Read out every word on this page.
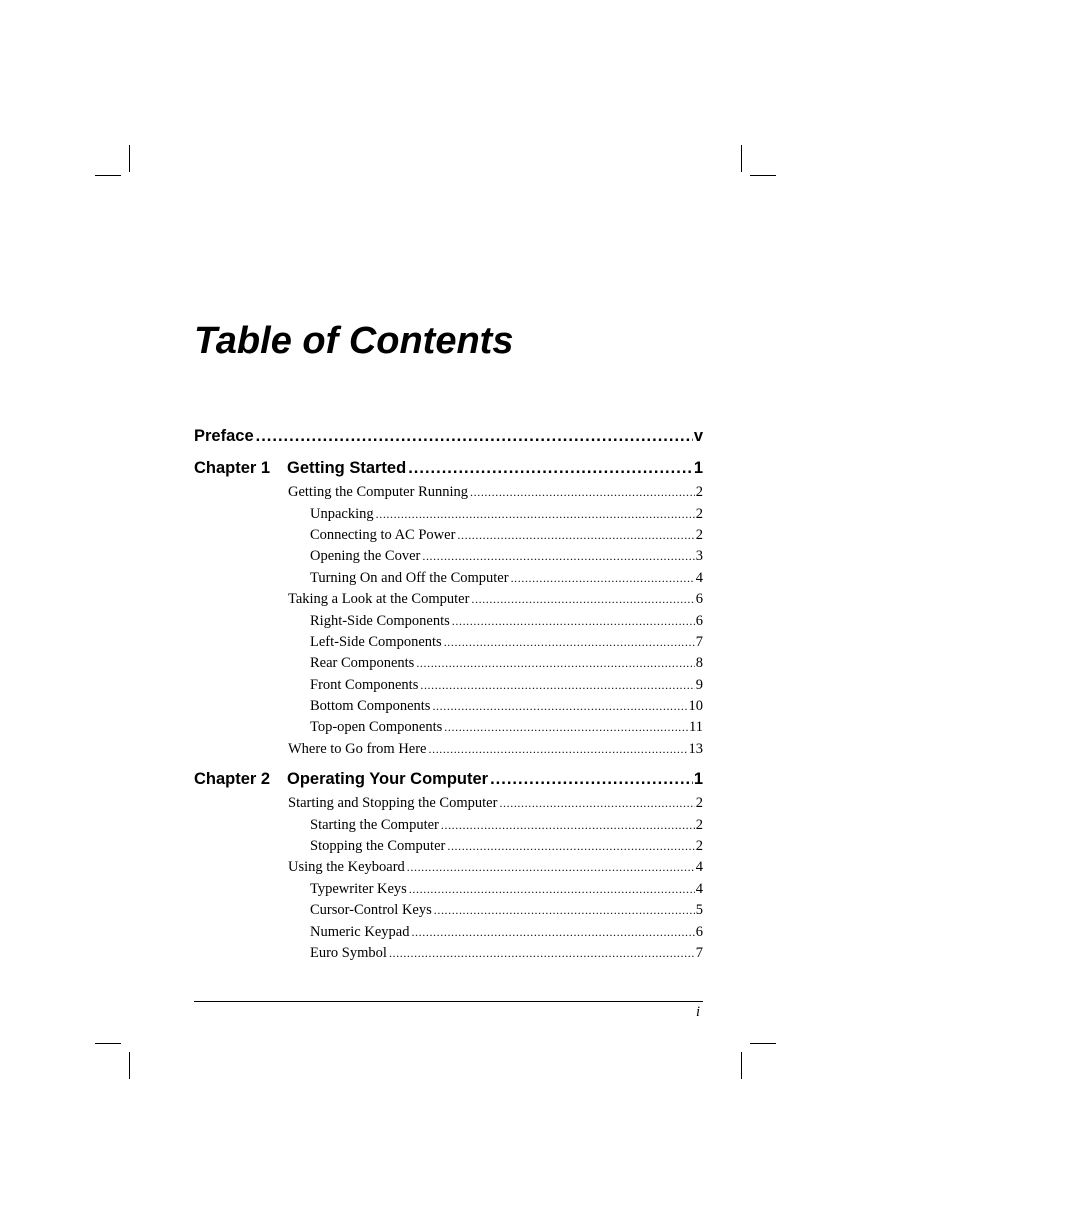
Table of Contents
Preface .....	v
Chapter 1	Getting Started .....	1
Getting the Computer Running .....	2
Unpacking .....	2
Connecting to AC Power .....	2
Opening the Cover .....	3
Turning On and Off the Computer .....	4
Taking a Look at the Computer .....	6
Right-Side Components .....	6
Left-Side Components .....	7
Rear Components .....	8
Front Components .....	9
Bottom Components .....	10
Top-open Components .....	11
Where to Go from Here .....	13
Chapter 2	Operating Your Computer .....	1
Starting and Stopping the Computer .....	2
Starting the Computer .....	2
Stopping the Computer .....	2
Using the Keyboard .....	4
Typewriter Keys .....	4
Cursor-Control Keys .....	5
Numeric Keypad .....	6
Euro Symbol .....	7
i
